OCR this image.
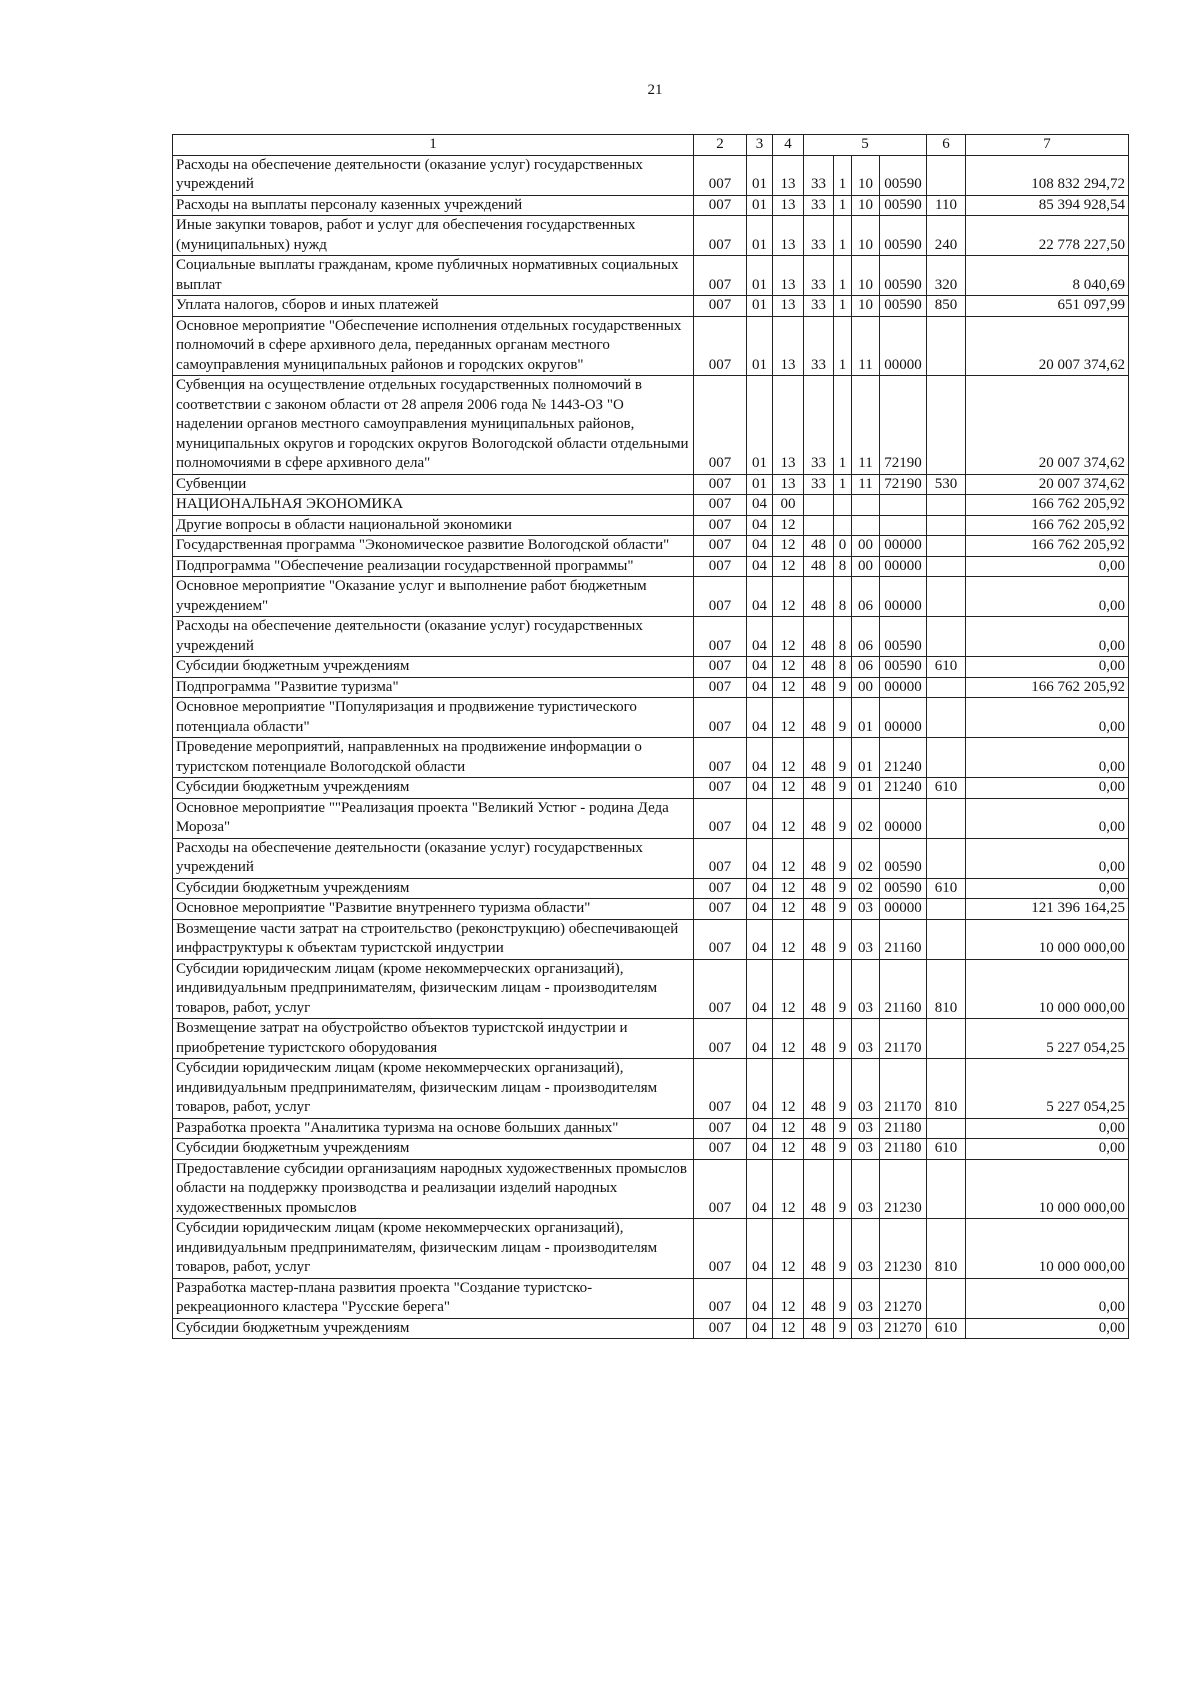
21
1	2	3	4	5				6	7
Расходы на обеспечение деятельности (оказание услуг) государственных учреждений	007	01	13	33	1	10	00590		108 832 294,72
Расходы на выплаты персоналу казенных учреждений	007	01	13	33	1	10	00590	110	85 394 928,54
Иные закупки товаров, работ и услуг для обеспечения государственных (муниципальных) нужд	007	01	13	33	1	10	00590	240	22 778 227,50
Социальные выплаты гражданам, кроме публичных нормативных социальных выплат	007	01	13	33	1	10	00590	320	8 040,69
Уплата налогов, сборов и иных платежей	007	01	13	33	1	10	00590	850	651 097,99
Основное мероприятие "Обеспечение исполнения отдельных государственных полномочий в сфере архивного дела, переданных органам местного самоуправления муниципальных районов и городских округов"	007	01	13	33	1	11	00000		20 007 374,62
Субвенция на осуществление отдельных государственных полномочий в соответствии с законом области от 28 апреля 2006 года № 1443-ОЗ "О наделении органов местного самоуправления муниципальных районов, муниципальных округов и городских округов Вологодской области отдельными полномочиями в сфере архивного дела"	007	01	13	33	1	11	72190		20 007 374,62
Субвенции	007	01	13	33	1	11	72190	530	20 007 374,62
НАЦИОНАЛЬНАЯ ЭКОНОМИКА	007	04	00						166 762 205,92
Другие вопросы в области национальной экономики	007	04	12						166 762 205,92
Государственная программа "Экономическое развитие Вологодской области"	007	04	12	48	0	00	00000		166 762 205,92
Подпрограмма "Обеспечение реализации государственной программы"	007	04	12	48	8	00	00000		0,00
Основное мероприятие "Оказание услуг и выполнение работ бюджетным учреждением"	007	04	12	48	8	06	00000		0,00
Расходы на обеспечение деятельности (оказание услуг) государственных учреждений	007	04	12	48	8	06	00590		0,00
Субсидии бюджетным учреждениям	007	04	12	48	8	06	00590	610	0,00
Подпрограмма "Развитие туризма"	007	04	12	48	9	00	00000		166 762 205,92
Основное мероприятие "Популяризация и продвижение туристического потенциала области"	007	04	12	48	9	01	00000		0,00
Проведение мероприятий, направленных на продвижение информации о туристском потенциале Вологодской области	007	04	12	48	9	01	21240		0,00
Субсидии бюджетным учреждениям	007	04	12	48	9	01	21240	610	0,00
Основное мероприятие ""Реализация проекта "Великий Устюг - родина Деда Мороза"	007	04	12	48	9	02	00000		0,00
Расходы на обеспечение деятельности (оказание услуг) государственных учреждений	007	04	12	48	9	02	00590		0,00
Субсидии бюджетным учреждениям	007	04	12	48	9	02	00590	610	0,00
Основное мероприятие "Развитие внутреннего туризма области"	007	04	12	48	9	03	00000		121 396 164,25
Возмещение части затрат на строительство (реконструкцию) обеспечивающей инфраструктуры к объектам туристской индустрии	007	04	12	48	9	03	21160		10 000 000,00
Субсидии юридическим лицам (кроме некоммерческих организаций), индивидуальным предпринимателям, физическим лицам - производителям товаров, работ, услуг	007	04	12	48	9	03	21160	810	10 000 000,00
Возмещение затрат на обустройство объектов туристской индустрии и приобретение туристского оборудования	007	04	12	48	9	03	21170		5 227 054,25
Субсидии юридическим лицам (кроме некоммерческих организаций), индивидуальным предпринимателям, физическим лицам - производителям товаров, работ, услуг	007	04	12	48	9	03	21170	810	5 227 054,25
Разработка проекта "Аналитика туризма на основе больших данных"	007	04	12	48	9	03	21180		0,00
Субсидии бюджетным учреждениям	007	04	12	48	9	03	21180	610	0,00
Предоставление субсидии организациям народных художественных промыслов области на поддержку производства и реализации изделий народных художественных промыслов	007	04	12	48	9	03	21230		10 000 000,00
Субсидии юридическим лицам (кроме некоммерческих организаций), индивидуальным предпринимателям, физическим лицам - производителям товаров, работ, услуг	007	04	12	48	9	03	21230	810	10 000 000,00
Разработка мастер-плана развития проекта "Создание туристско-рекреационного кластера "Русские берега"	007	04	12	48	9	03	21270		0,00
Субсидии бюджетным учреждениям	007	04	12	48	9	03	21270	610	0,00
